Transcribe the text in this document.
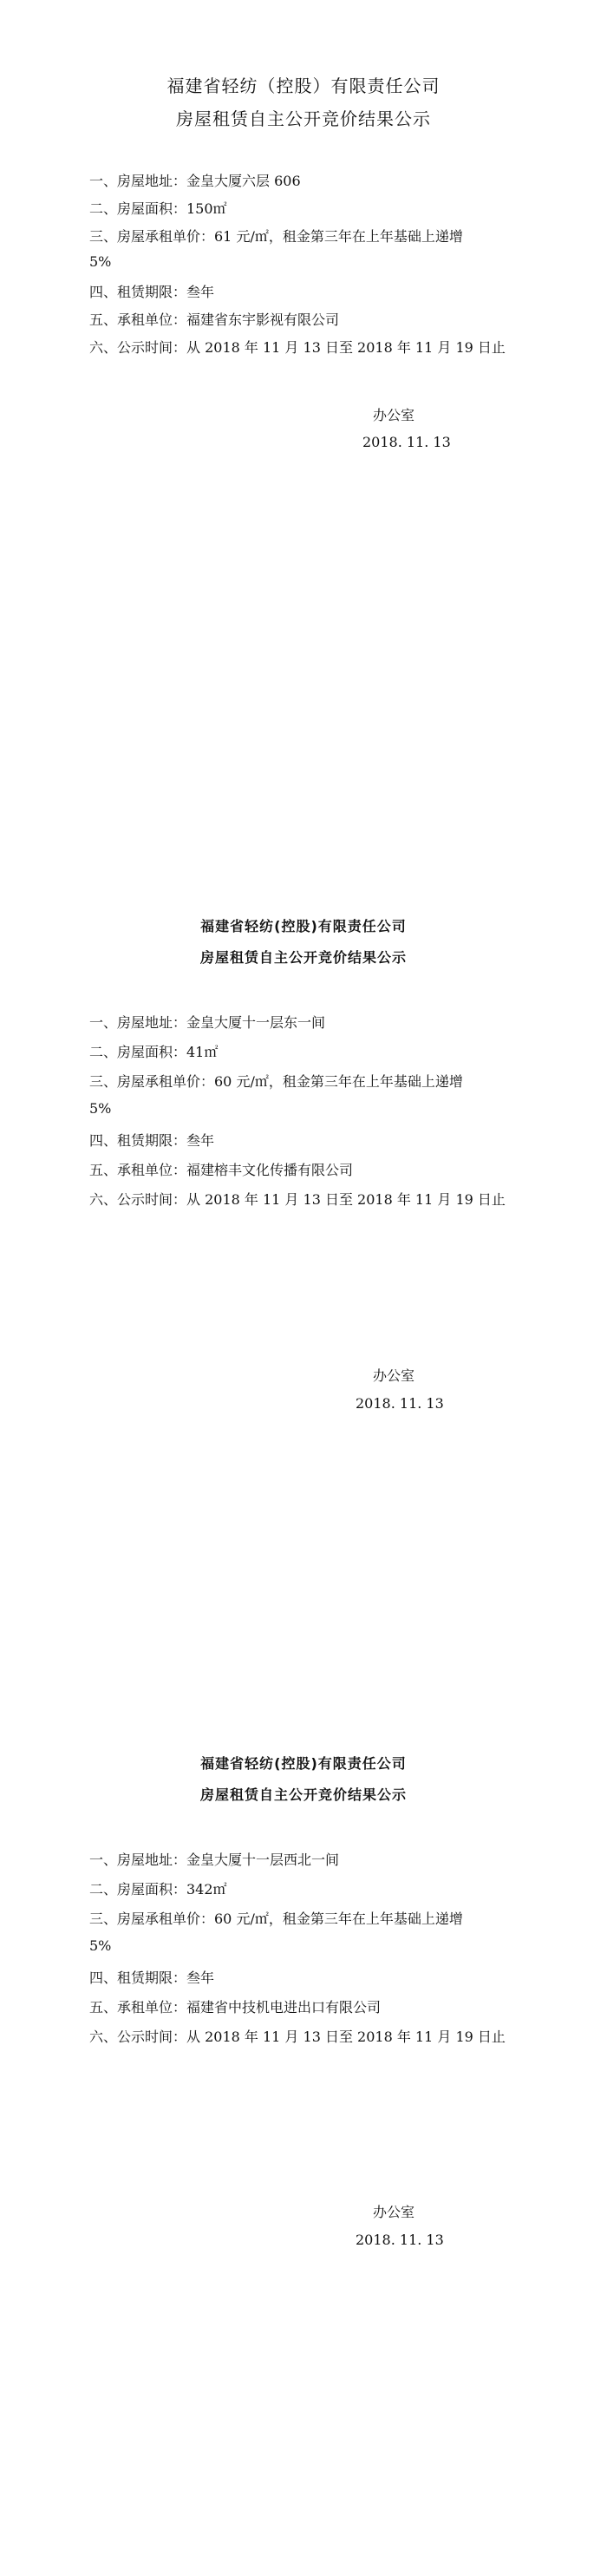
福建省轻纺（控股）有限责任公司
房屋租赁自主公开竞价结果公示

一、房屋地址：金皇大厦六层 606

二、房屋面积：150㎡

三、房屋承租单价：61 元/㎡，租金第三年在上年基础上递增

5%

四、租赁期限：叁年

五、承租单位：福建省东宇影视有限公司

六、公示时间：从 2018 年 11 月 13 日至 2018 年 11 月 19 日止

办公室

2018. 11. 13

福建省轻纺(控股)有限责任公司
房屋租赁自主公开竞价结果公示

一、房屋地址：金皇大厦十一层东一间

二、房屋面积：41㎡

三、房屋承租单价：60 元/㎡，租金第三年在上年基础上递增

5%

四、租赁期限：叁年

五、承租单位：福建榕丰文化传播有限公司

六、公示时间：从 2018 年 11 月 13 日至 2018 年 11 月 19 日止

办公室

2018. 11. 13

福建省轻纺(控股)有限责任公司
房屋租赁自主公开竞价结果公示

一、房屋地址：金皇大厦十一层西北一间

二、房屋面积：342㎡

三、房屋承租单价：60 元/㎡，租金第三年在上年基础上递增

5%

四、租赁期限：叁年

五、承租单位：福建省中技机电进出口有限公司

六、公示时间：从 2018 年 11 月 13 日至 2018 年 11 月 19 日止

办公室

2018. 11. 13
